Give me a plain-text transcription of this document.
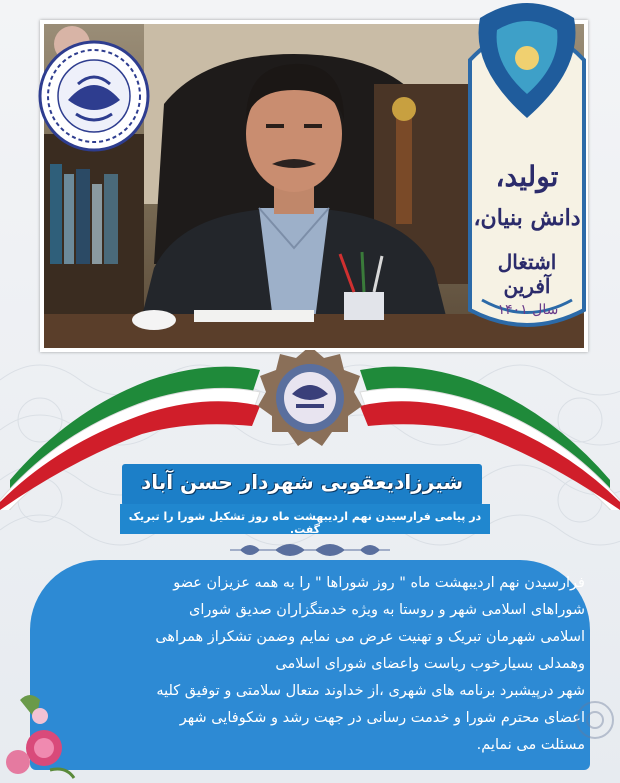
تولید،
دانش بنیان،
اشتغال آفرین
سال ۱۴۰۱
شیرزادیعقوبی شهردار حسن آباد
در پیامی فرارسیدن نهم اردیبهشت ماه روز تشکیل شورا را تبریک گفت.

فرارسیدن نهم اردیبهشت ماه " روز شوراها " را به همه عزیزان عضو

شوراهای اسلامی شهر و روستا به ویژه خدمتگزاران صدیق شورای

اسلامی شهرمان تبریک و تهنیت عرض می نمایم وضمن تشکراز همراهی

وهمدلی بسیارخوب ریاست واعضای شورای اسلامی

شهر درپیشبرد برنامه های شهری ،از خداوند متعال سلامتی و توفیق کلیه

اعضای محترم شورا و خدمت رسانی در جهت رشد و شکوفایی شهر

مسئلت می نمایم.
